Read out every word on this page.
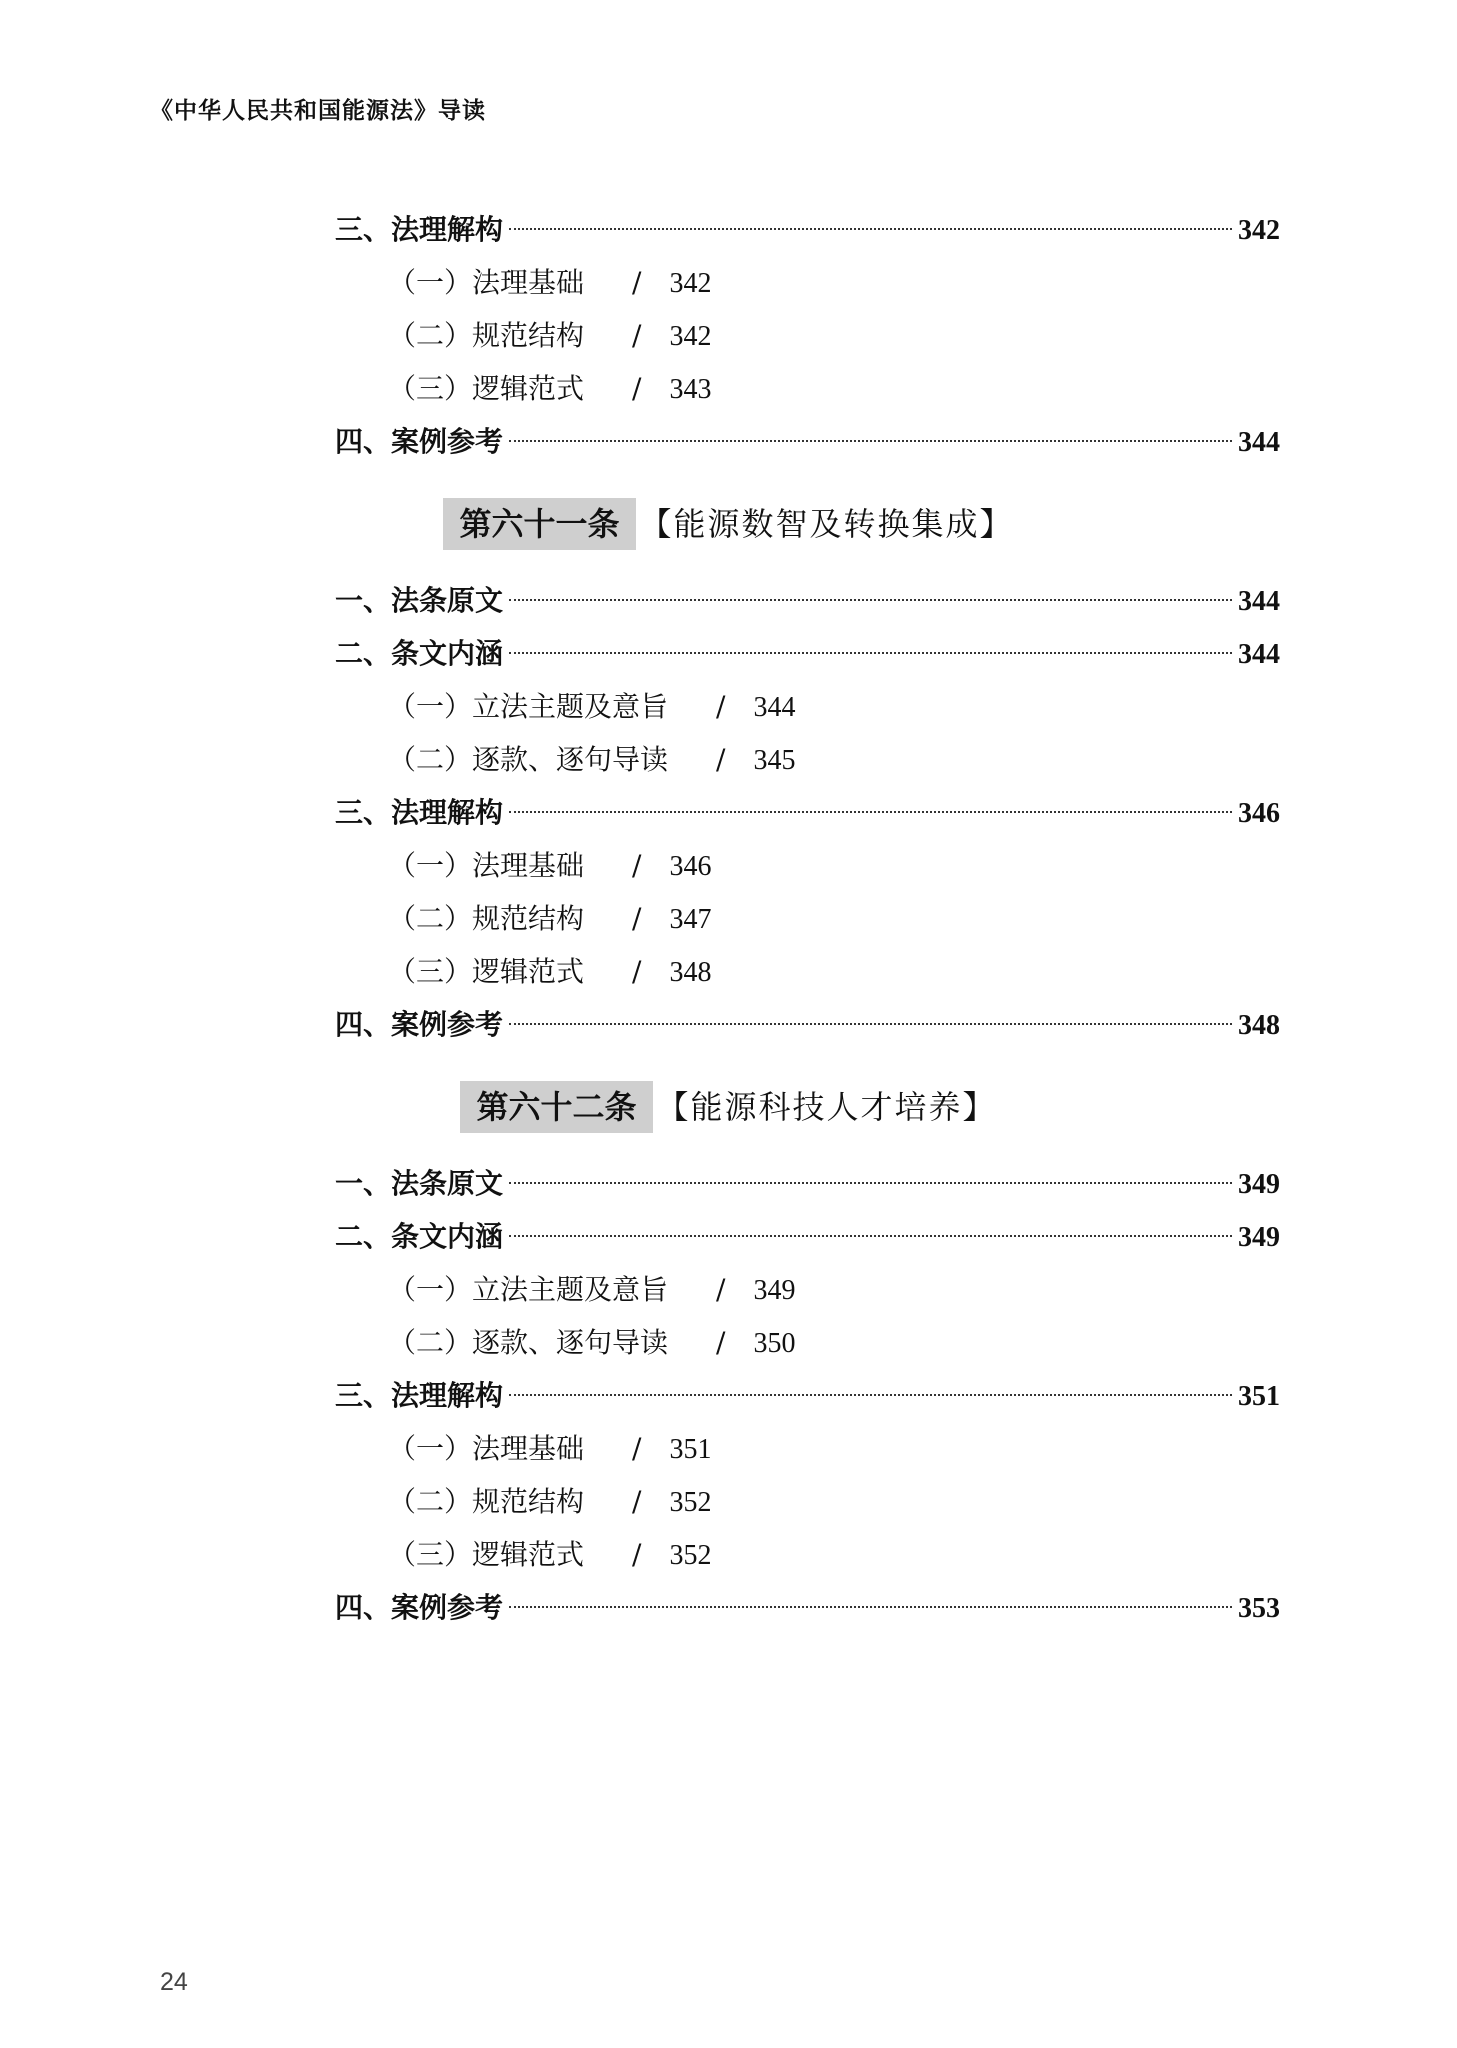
《中华人民共和国能源法》导读
三、法理解构	342
（一）法理基础 / 342
（二）规范结构 / 342
（三）逻辑范式 / 343
四、案例参考	344
第六十一条 【能源数智及转换集成】
一、法条原文	344
二、条文内涵	344
（一）立法主题及意旨 / 344
（二）逐款、逐句导读 / 345
三、法理解构	346
（一）法理基础 / 346
（二）规范结构 / 347
（三）逻辑范式 / 348
四、案例参考	348
第六十二条 【能源科技人才培养】
一、法条原文	349
二、条文内涵	349
（一）立法主题及意旨 / 349
（二）逐款、逐句导读 / 350
三、法理解构	351
（一）法理基础 / 351
（二）规范结构 / 352
（三）逻辑范式 / 352
四、案例参考	353
24
